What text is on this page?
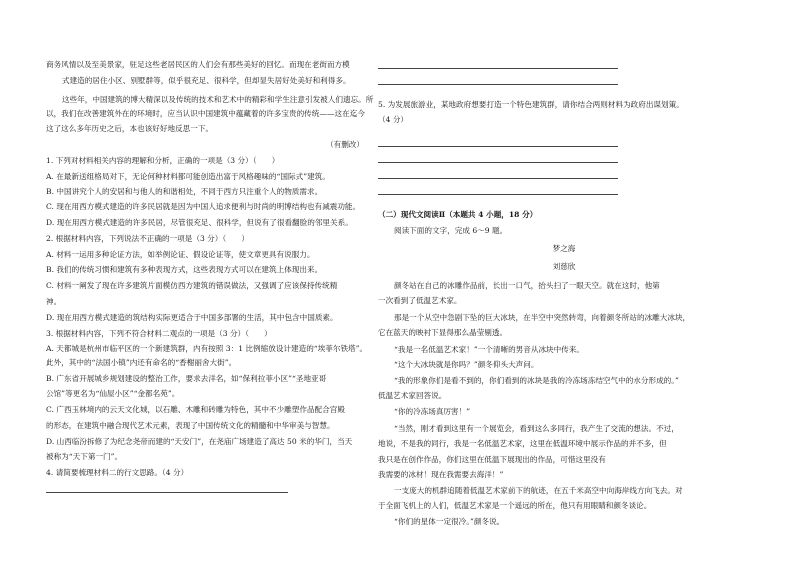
商务风情以及至美景家，驻足这些老居民区的人们会有那些美好的回忆。而现在老街而方模
式建造的居住小区、别墅群等，似乎很充足、很科学，但却显失居好处美好和利得多。
这些年，中国建筑的博大精深以及传统的技术和艺术中的精彩和学生注意引发被人们遗忘。所
以，我们在改善建筑外在的环境时，应当认识中国建筑中蕴藏着的许多宝贵的传统——这在迄今
这了这么多年历史之后，本也该好好地反思一下。
（有删改）
1. 下列对材料相关内容的理解和分析，正确的一项是（3 分）（　　）
A. 在最新送组格局对下，无论何种材料都可能创造出富于风格趣味的“国际式”建筑。
B. 中国讲究个人的安居和与他人的和谐相处，不同于西方只注重个人的物质需求。
C. 现在用西方模式建造的许多民居就是因为中国人追求便利与时尚的明博结构也有减震功能。
D. 现在用西方模式建造的许多民居，尽管很充足、很科学，但说有了很看翻脸的邻里关系。
2. 根据材料内容，下列说法不正确的一项是（3 分）（　　）
A. 材料一运用多种论证方法，如举例论证、假设论证等，使文章更具有说服力。
B. 我们的传统习惯和建筑有多种表现方式，这些表现方式可以在建筑上体现出来。
C. 材料一阐发了现在许多建筑片面模仿西方建筑的错误做法，又强调了应该保持传统精
神。
D. 现在用西方模式建造的筑结构实际更适合于中国多部署的生活，其中包含中国质素。
3. 根据材料内容，下列不符合材料二观点的一项是（3 分）（　　）
A. 天都城是杭州市临平区的一个新建筑群，内有按照 3：1 比例缩放设计建造的“埃菲尔铁塔”。
此外，其中的“法国小镇”内还有命名的“香榭丽舍大街”。
B. 广东省开展城乡规划建设的整治工作，要求去洋名，如“保利拉菲小区”“圣地亚哥
公馆”等更名为“仙屋小区”“金都名苑”。
C. 广西玉林境内的云天文化城，以石雕、木雕和砖雕为特色，其中不少雕塑作品配合宫殿
的形态，在建筑中融合现代艺术元素，表现了中国传统文化的精髓和中华审美与智慧。
D. 山西临汾拆修了为纪念尧帝而建的“天安门”，在尧庙广场建造了高达 50 米的华门，当天
被称为“天下第一门”。
4. 请简要梳理材料二的行文思路。（4 分）
5. 为发展旅游业，某地政府想要打造一个特色建筑群，请你结合两则材料为政府出谋划策。
（4 分）
（二）现代文阅读Ⅱ（本题共 4 小题，18 分）
阅读下面的文字，完成 6～9 题。
梦之海
刘慈欣
颜冬站在自己的冰雕作品前，长出一口气，抬头扫了一眼天空。就在这时，他第
一次看到了低温艺术家。
那是一个从空中急剧下坠的巨大冰块，在半空中突然转弯，向着颜冬所站的冰雕大冰块，
它在蓝天的映衬下显得那么晶莹剔透。
“我是一名低温艺术家！”一个清晰的男音从冰块中传来。
“这个大冰块就是你吗？”颜冬仰头大声问。
“我的形象你们是看不到的，你们看到的冰块是我的冷冻场冻结空气中的水分形成的。”
低温艺术家回答说。
“你的冷冻场真厉害！”
“当然，刚才看到这里有一个展览会，看到这么多同行，我产生了交流的想法。不过，
地说，不是我的同行，我是一名低温艺术家，这里在低温环境中展示作品的并不多，但
我只是在创作作品，你们这里在低温下展现出的作品，可惜这里没有
我需要的冰材！现在我需要去海洋！”
一支庞大的机群追随着低温艺术家前下的航迹，在五千米高空中向海岸线方向飞去。对
于全面飞机上的人们，低温艺术家是一个遥远的所在，他只有用眼睛和颜冬谈论。
“你们的星体一定很冷。”颜冬说。
